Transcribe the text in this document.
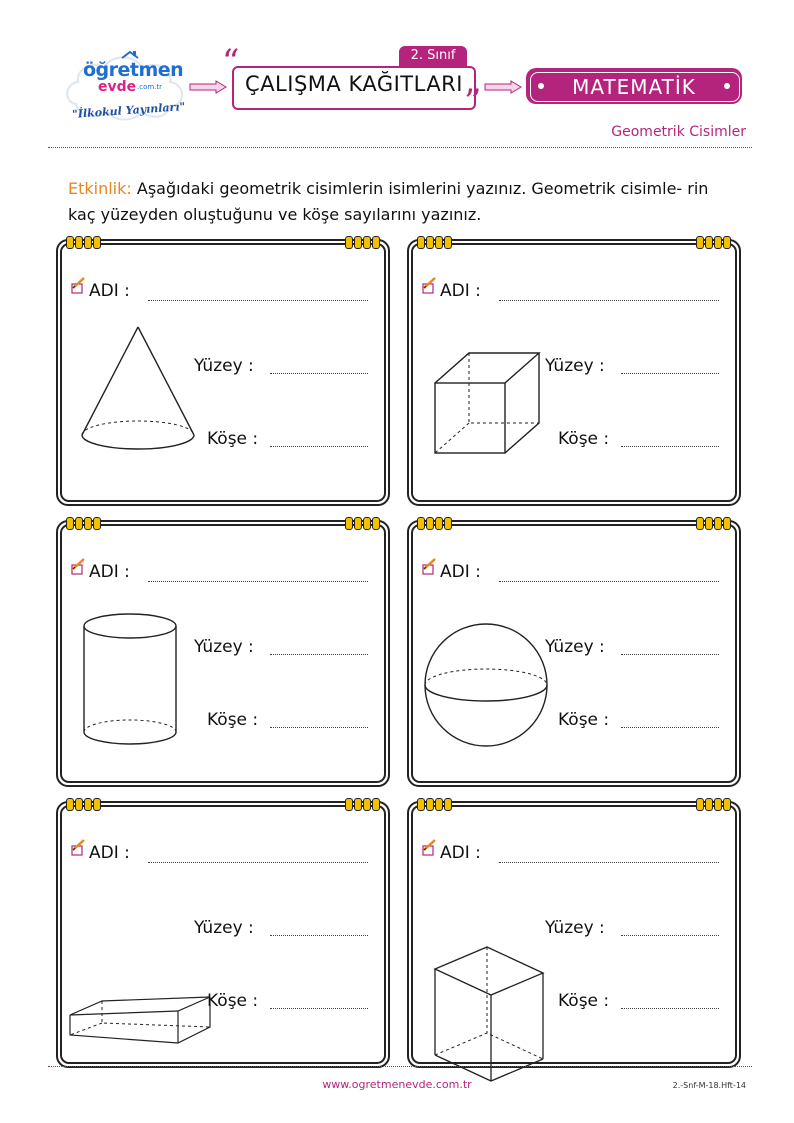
öğretmen
evde .com.tr
"İlkokul Yayınları"
2. Sınıf
ÇALIŞMA KAĞITLARI
“
”	MATEMATİK
Geometrik Cisimler
Etkinlik: Aşağıdaki geometrik cisimlerin isimlerini yazınız. Geometrik cisimle- rin kaç yüzeyden oluştuğunu ve köşe sayılarını yazınız.
ADI :
Yüzey :
Köşe :
ADI :
Yüzey :
Köşe :
ADI :
Yüzey :
Köşe :
ADI :
Yüzey :
Köşe :
ADI :
Yüzey :
Köşe :
ADI :
Yüzey :
Köşe :
www.ogretmenevde.com.tr	2.-Snf-M-18.Hft-14
